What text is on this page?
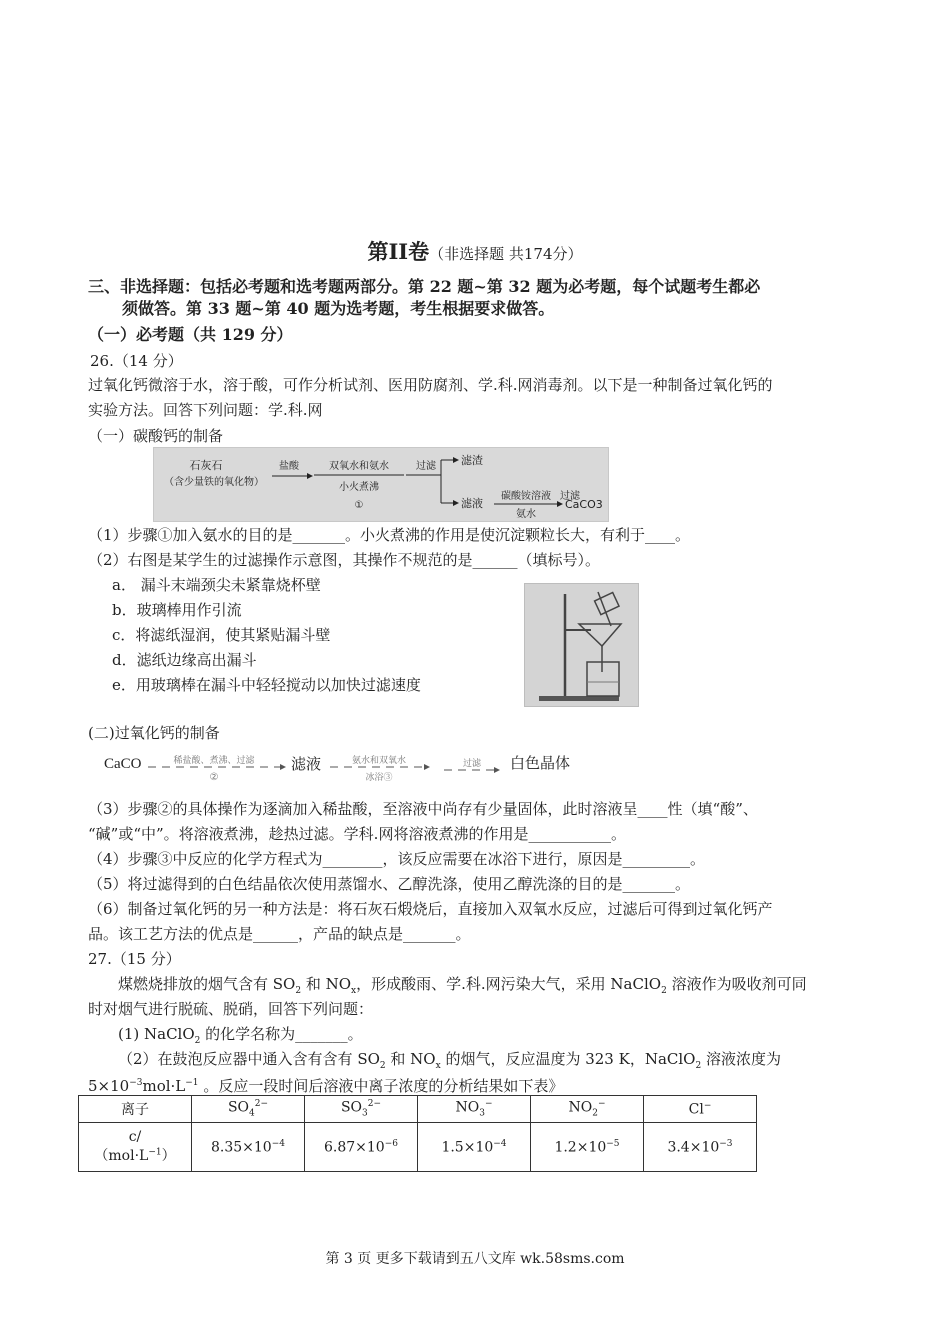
第II卷（非选择题 共174分）
三、非选择题：包括必考题和选考题两部分。第 22 题~第 32 题为必考题，每个试题考生都必
须做答。第 33 题~第 40 题为选考题，考生根据要求做答。
（一）必考题（共 129 分）
26.（14 分）
过氧化钙微溶于水，溶于酸，可作分析试剂、医用防腐剂、学.科.网消毒剂。以下是一种制备过氧化钙的
实验方法。回答下列问题：学.科.网
（一）碳酸钙的制备
石灰石
（含少量铁的氧化物）
盐酸	双氧水和氨水
小火煮沸
①
过滤 滤渣
滤液
碳酸铵溶液
氨水
过滤
CaCO3
（1）步骤①加入氨水的目的是_______。小火煮沸的作用是使沉淀颗粒长大，有利于____。
（2）右图是某学生的过滤操作示意图，其操作不规范的是______（填标号）。
a． 漏斗末端颈尖未紧靠烧杯壁
b．玻璃棒用作引流
c．将滤纸湿润，使其紧贴漏斗壁
d．滤纸边缘高出漏斗
e．用玻璃棒在漏斗中轻轻搅动以加快过滤速度
(二)过氧化钙的制备
CaCO	稀盐酸、煮沸、过滤
②
滤液	氨水和双氧水
冰浴③
过滤 白色晶体
（3）步骤②的具体操作为逐滴加入稀盐酸，至溶液中尚存有少量固体，此时溶液呈____性（填“酸”、
“碱”或“中”。将溶液煮沸，趁热过滤。学科.网将溶液煮沸的作用是___________。
（4）步骤③中反应的化学方程式为________，该反应需要在冰浴下进行，原因是_________。
（5）将过滤得到的白色结晶依次使用蒸馏水、乙醇洗涤，使用乙醇洗涤的目的是_______。
（6）制备过氧化钙的另一种方法是：将石灰石煅烧后，直接加入双氧水反应，过滤后可得到过氧化钙产
品。该工艺方法的优点是______，产品的缺点是_______。
27.（15 分）
煤燃烧排放的烟气含有 $SO_2$ 和 $NO_x$，形成酸雨、学.科.网污染大气，采用 NaClO$_2$ 溶液作为吸收剂可同
时对烟气进行脱硫、脱硝，回答下列问题：
(1) NaClO$_2$ 的化学名称为_______。
（2）在鼓泡反应器中通入含有含有 $SO_2$ 和 $NO_x$ 的烟气，反应温度为 323 K，NaClO$_2$ 溶液浓度为
$5\times 10^{-3}mol\cdot L^{-1}$ 。反应一段时间后溶液中离子浓度的分析结果如下表》
离子	$SO_4^{2-}$	$SO_3^{2-}$	$NO_3^-$	$NO_2^-$	Cl−
c/
$(mol\cdot L^{-1})$	$8.35\times 10^{-4}$	$6.87\times 10^{-6}$	$1.5\times 10^{-4}$	$1.2\times 10^{-5}$	$3.4\times 10^{-3}$
第 3 页 更多下载请到五八文库 wk.58sms.com
